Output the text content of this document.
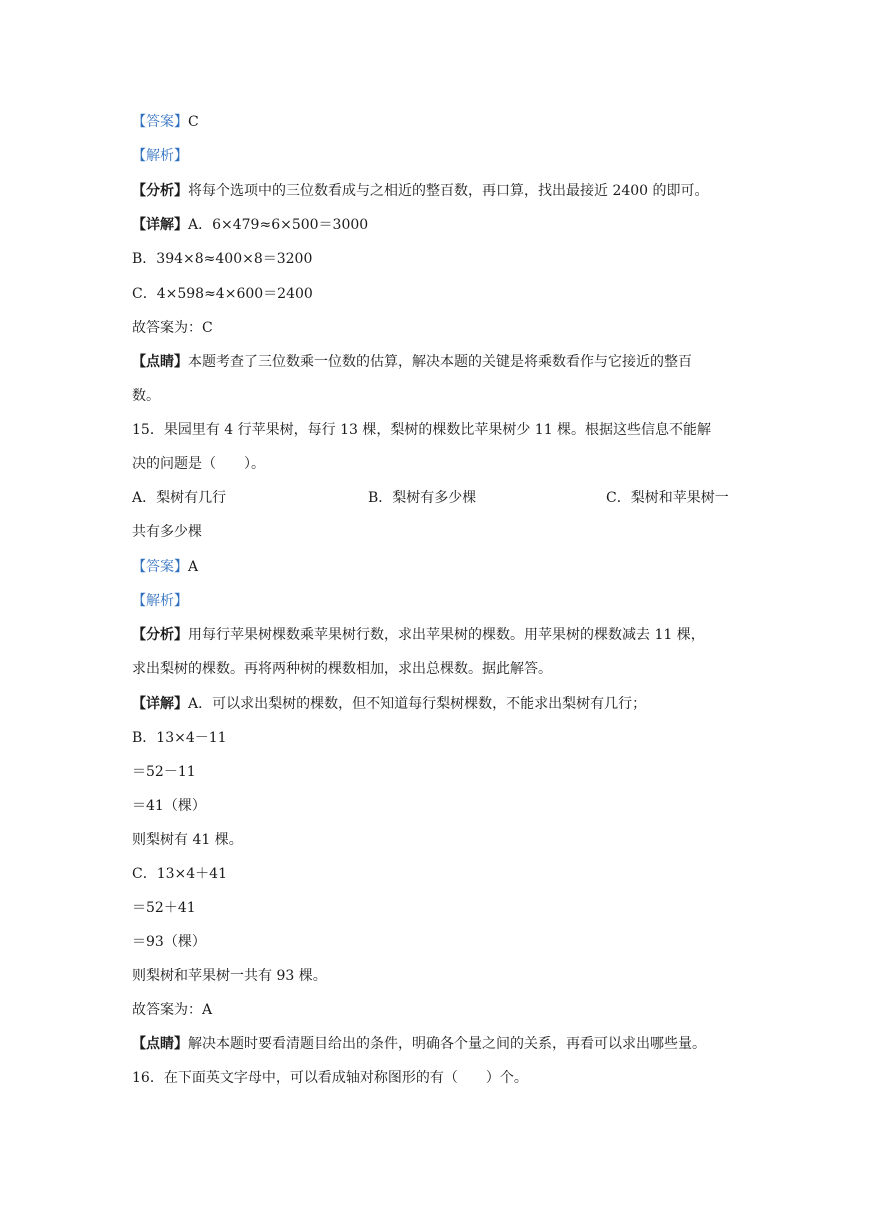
【答案】C
【解析】
【分析】将每个选项中的三位数看成与之相近的整百数，再口算，找出最接近 2400 的即可。
【详解】A．6×479≈6×500＝3000
B．394×8≈400×8＝3200
C．4×598≈4×600＝2400
故答案为：C
【点睛】本题考查了三位数乘一位数的估算，解决本题的关键是将乘数看作与它接近的整百
数。
15．果园里有 4 行苹果树，每行 13 棵，梨树的棵数比苹果树少 11 棵。根据这些信息不能解
决的问题是（　　）。
A．梨树有几行	B．梨树有多少棵	C．梨树和苹果树一
共有多少棵
【答案】A
【解析】
【分析】用每行苹果树棵数乘苹果树行数，求出苹果树的棵数。用苹果树的棵数减去 11 棵，
求出梨树的棵数。再将两种树的棵数相加，求出总棵数。据此解答。
【详解】A．可以求出梨树的棵数，但不知道每行梨树棵数，不能求出梨树有几行；
B．13×4－11
＝52－11
＝41（棵）
则梨树有 41 棵。
C．13×4＋41
＝52＋41
＝93（棵）
则梨树和苹果树一共有 93 棵。
故答案为：A
【点睛】解决本题时要看清题目给出的条件，明确各个量之间的关系，再看可以求出哪些量。
16．在下面英文字母中，可以看成轴对称图形的有（　　）个。
